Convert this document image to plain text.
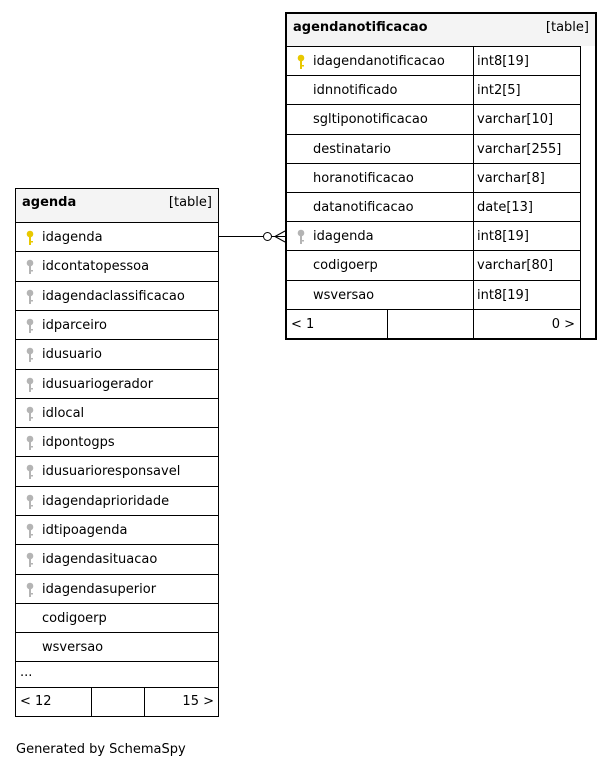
agendanotificacao	[table]
idagendanotificacao	int8[19]
idnnotificado	int2[5]
sgltiponotificacao	varchar[10]
destinatario	varchar[255]
horanotificacao	varchar[8]
datanotificacao	date[13]
idagenda	int8[19]
codigoerp	varchar[80]
wsversao	int8[19]
< 1	0 >
agenda	[table]
idagenda
idcontatopessoa
idagendaclassificacao
idparceiro
idusuario
idusuariogerador
idlocal
idpontogps
idusuarioresponsavel
idagendaprioridade
idtipoagenda
idagendasituacao
idagendasuperior
codigoerp
wsversao
...
< 12	15 >
Generated by SchemaSpy
